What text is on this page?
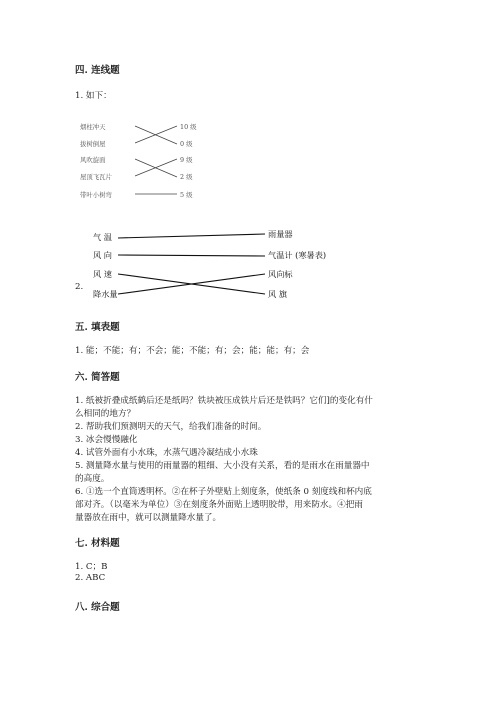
四. 连线题
1. 如下：
烟柱冲天
拔树倒屋
风吹旋面
屋顶飞瓦片
带叶小树弯
10 级
0 级
9 级
2 级
5 级
气 温
风 向
风 速
降水量
雨量器
气温计 (寒暑表)
风向标
风 旗
2.
五. 填表题
1. 能；不能；有；不会；能；不能；有；会；能；能；有；会
六. 简答题
1. 纸被折叠成纸鹤后还是纸吗？铁块被压成铁片后还是铁吗？它们]的变化有什
么相同的地方？
2. 帮助我们预测明天的天气，给我们准备的时间。
3. 冰会慢慢融化
4. 试管外面有小水珠，水蒸气遇冷凝结成小水珠
5. 测量降水量与使用的雨量器的粗细、大小没有关系，看的是雨水在雨量器中
的高度。
6. ①选一个直筒透明杯。②在杯子外壁贴上刻度条，使纸条 0 刻度线和杯内底
部对齐。（以毫米为单位）③在刻度条外面贴上透明胶带，用来防水。④把雨
量器放在雨中，就可以测量降水量了。
七. 材料题
1. C；B
2. ABC
八. 综合题
